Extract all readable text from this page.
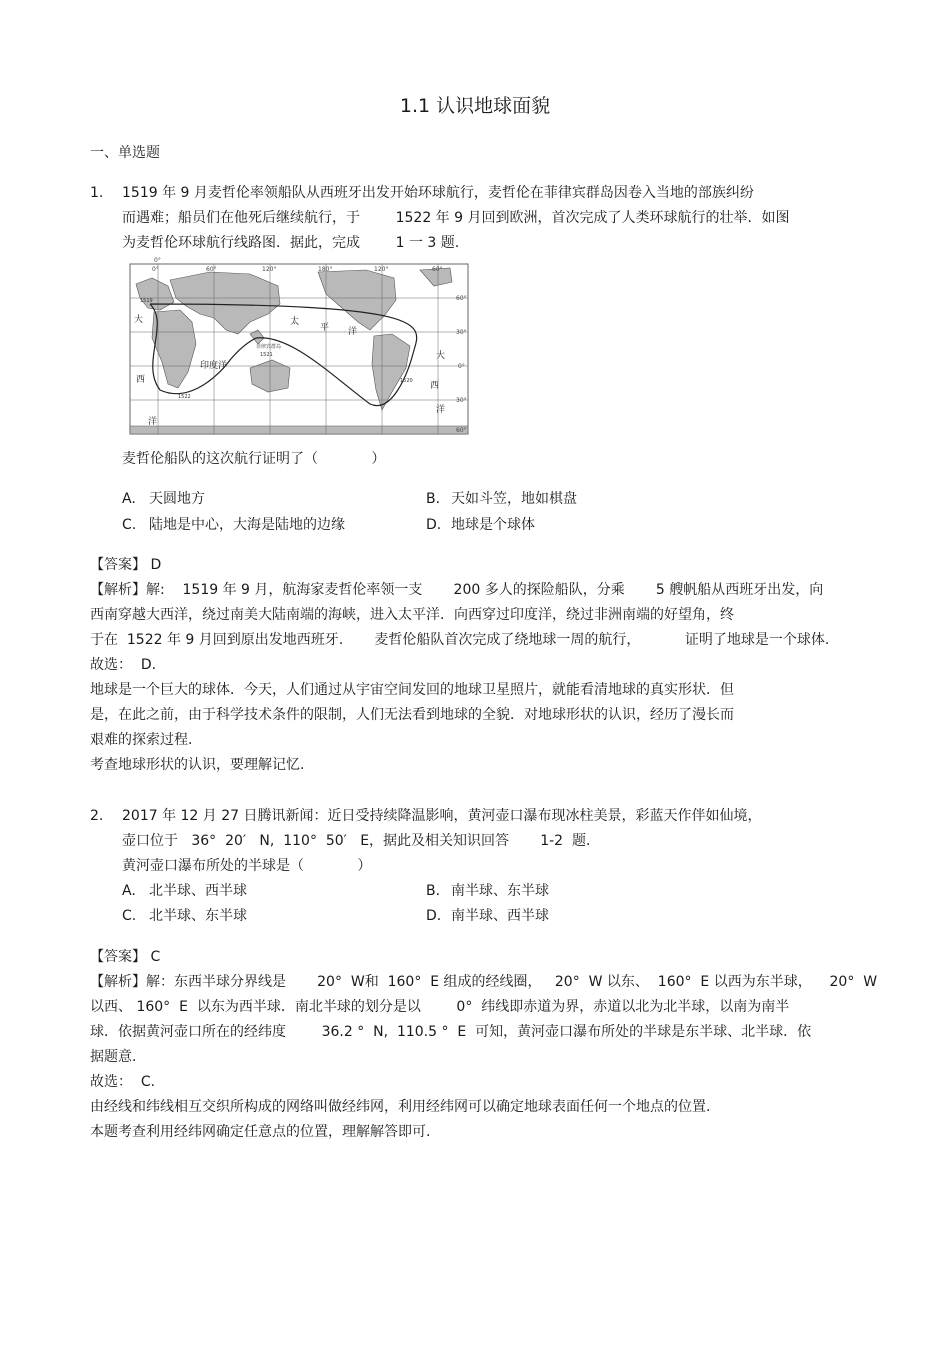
1.1 认识地球面貌
一、单选题
1. 1519 年 9 月麦哲伦率领船队从西班牙出发开始环球航行，麦哲伦在菲律宾群岛因卷入当地的部族纠纷
而遇难；船员们在他死后继续航行，于        1522 年 9 月回到欧洲，首次完成了人类环球航行的壮举．如图
为麦哲伦环球航行线路图．据此，完成        1 一 3 题.
0°
0°	60°	120°	180°	120°	60°
60°
30°
0°
30°
60°
大
西
洋
印度洋
太
平 洋
大
西
洋
菲律宾群岛
1521
1519
1522
1520
麦哲伦船队的这次航行证明了（            ）
A. 天圆地方	B. 天如斗笠，地如棋盘
C. 陆地是中心，大海是陆地的边缘	D. 地球是个球体
【答案】 D
【解析】解:    1519 年 9 月，航海家麦哲伦率领一支       200 多人的探险船队，分乘       5 艘帆船从西班牙出发，向
西南穿越大西洋，绕过南美大陆南端的海峡，进入太平洋．向西穿过印度洋，绕过非洲南端的好望角，终
于在  1522 年 9 月回到原出发地西班牙.       麦哲伦船队首次完成了绕地球一周的航行，          证明了地球是一个球体.
故选：  D.
地球是一个巨大的球体．今天，人们通过从宇宙空间发回的地球卫星照片，就能看清地球的真实形状．但
是，在此之前，由于科学技术条件的限制，人们无法看到地球的全貌．对地球形状的认识，经历了漫长而
艰难的探索过程.
考查地球形状的认识，要理解记忆.
2. 2017 年 12 月 27 日腾讯新闻：近日受持续降温影响，黄河壶口瀑布现冰柱美景，彩蓝天作伴如仙境，
壶口位于   36°  20′   N,  110°  50′   E，据此及相关知识回答       1-2  题.
黄河壶口瀑布所处的半球是（            ）
A. 北半球、西半球	B. 南半球、东半球
C. 北半球、东半球	D. 南半球、西半球
【答案】 C
【解析】解：东西半球分界线是       20°  W和  160°  E 组成的经线圈，   20°  W 以东、  160°  E 以西为东半球，    20°  W
以西、 160°  E  以东为西半球．南北半球的划分是以        0°  纬线即赤道为界，赤道以北为北半球，以南为南半
球．依据黄河壶口所在的经纬度        36.2 °  N,  110.5 °  E  可知，黄河壶口瀑布所处的半球是东半球、北半球．依
据题意.
故选：  C.
由经线和纬线相互交织所构成的网络叫做经纬网，利用经纬网可以确定地球表面任何一个地点的位置.
本题考查利用经纬网确定任意点的位置，理解解答即可.
